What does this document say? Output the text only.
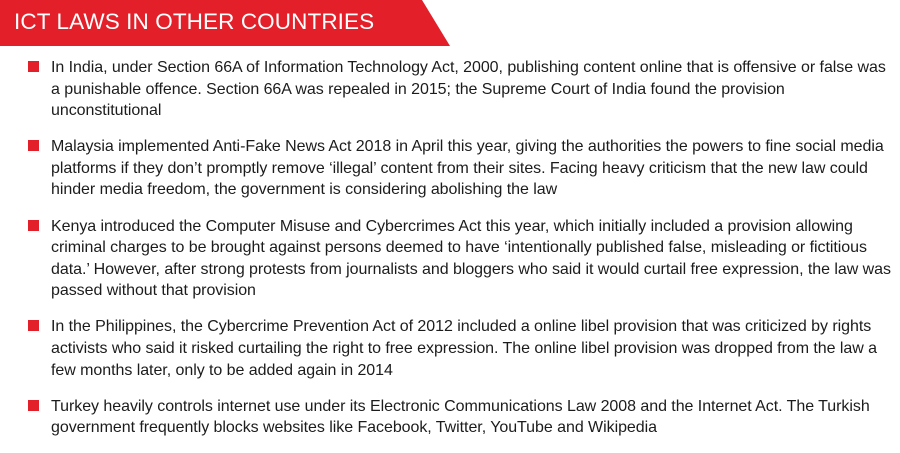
ICT LAWS IN OTHER COUNTRIES

In India, under Section 66A of Information Technology Act, 2000, publishing content online that is offensive or false was a punishable offence. Section 66A was repealed in 2015; the Supreme Court of India found the provision unconstitutional

Malaysia implemented Anti-Fake News Act 2018 in April this year, giving the authorities the powers to fine social media platforms if they don’t promptly remove ‘illegal’ content from their sites. Facing heavy criticism that the new law could hinder media freedom, the government is considering abolishing the law

Kenya introduced the Computer Misuse and Cybercrimes Act this year, which initially included a provision allowing criminal charges to be brought against persons deemed to have ‘intentionally published false, misleading or fictitious data.’ However, after strong protests from journalists and bloggers who said it would curtail free expression, the law was passed without that provision

In the Philippines, the Cybercrime Prevention Act of 2012 included a online libel provision that was criticized by rights activists who said it risked curtailing the right to free expression. The online libel provision was dropped from the law a few months later, only to be added again in 2014

Turkey heavily controls internet use under its Electronic Communications Law 2008 and the Internet Act. The Turkish government frequently blocks websites like Facebook, Twitter, YouTube and Wikipedia
